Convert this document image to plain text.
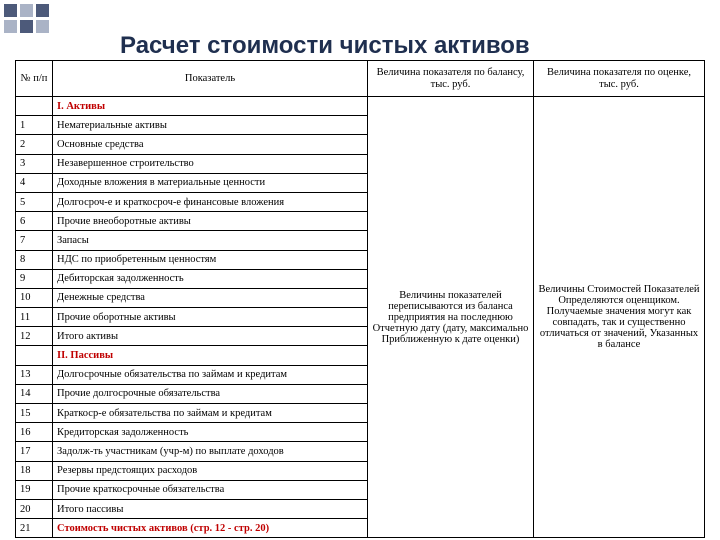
Расчет стоимости чистых активов
№ п/п	Показатель	Величина показателя по балансу, тыс. руб.	Величина показателя по оценке, тыс. руб.
	I. Активы	Величины показателей переписываются из баланса предприятия на последнюю Отчетную дату (дату, максимально Приближенную к дате оценки)	Величины Стоимостей Показателей Определяются оценщиком. Получаемые значения могут как совпадать, так и существенно отличаться от значений, Указанных в балансе
1	Нематериальные активы		
2	Основные средства		
3	Незавершенное строительство		
4	Доходные вложения в материальные ценности		
5	Долгосроч-е и краткосроч-е финансовые вложения		
6	Прочие внеоборотные активы		
7	Запасы		
8	НДС по приобретенным ценностям		
9	Дебиторская задолженность		
10	Денежные средства		
11	Прочие оборотные активы		
12	Итого активы		
	II. Пассивы		
13	Долгосрочные обязательства по займам и кредитам		
14	Прочие долгосрочные обязательства		
15	Краткоср-е обязательства по займам и кредитам		
16	Кредиторская задолженность		
17	Задолж-ть участникам (учр-м) по выплате доходов		
18	Резервы предстоящих расходов		
19	Прочие краткосрочные обязательства		
20	Итого пассивы		
21	Стоимость чистых активов (стр. 12 - стр. 20)		
